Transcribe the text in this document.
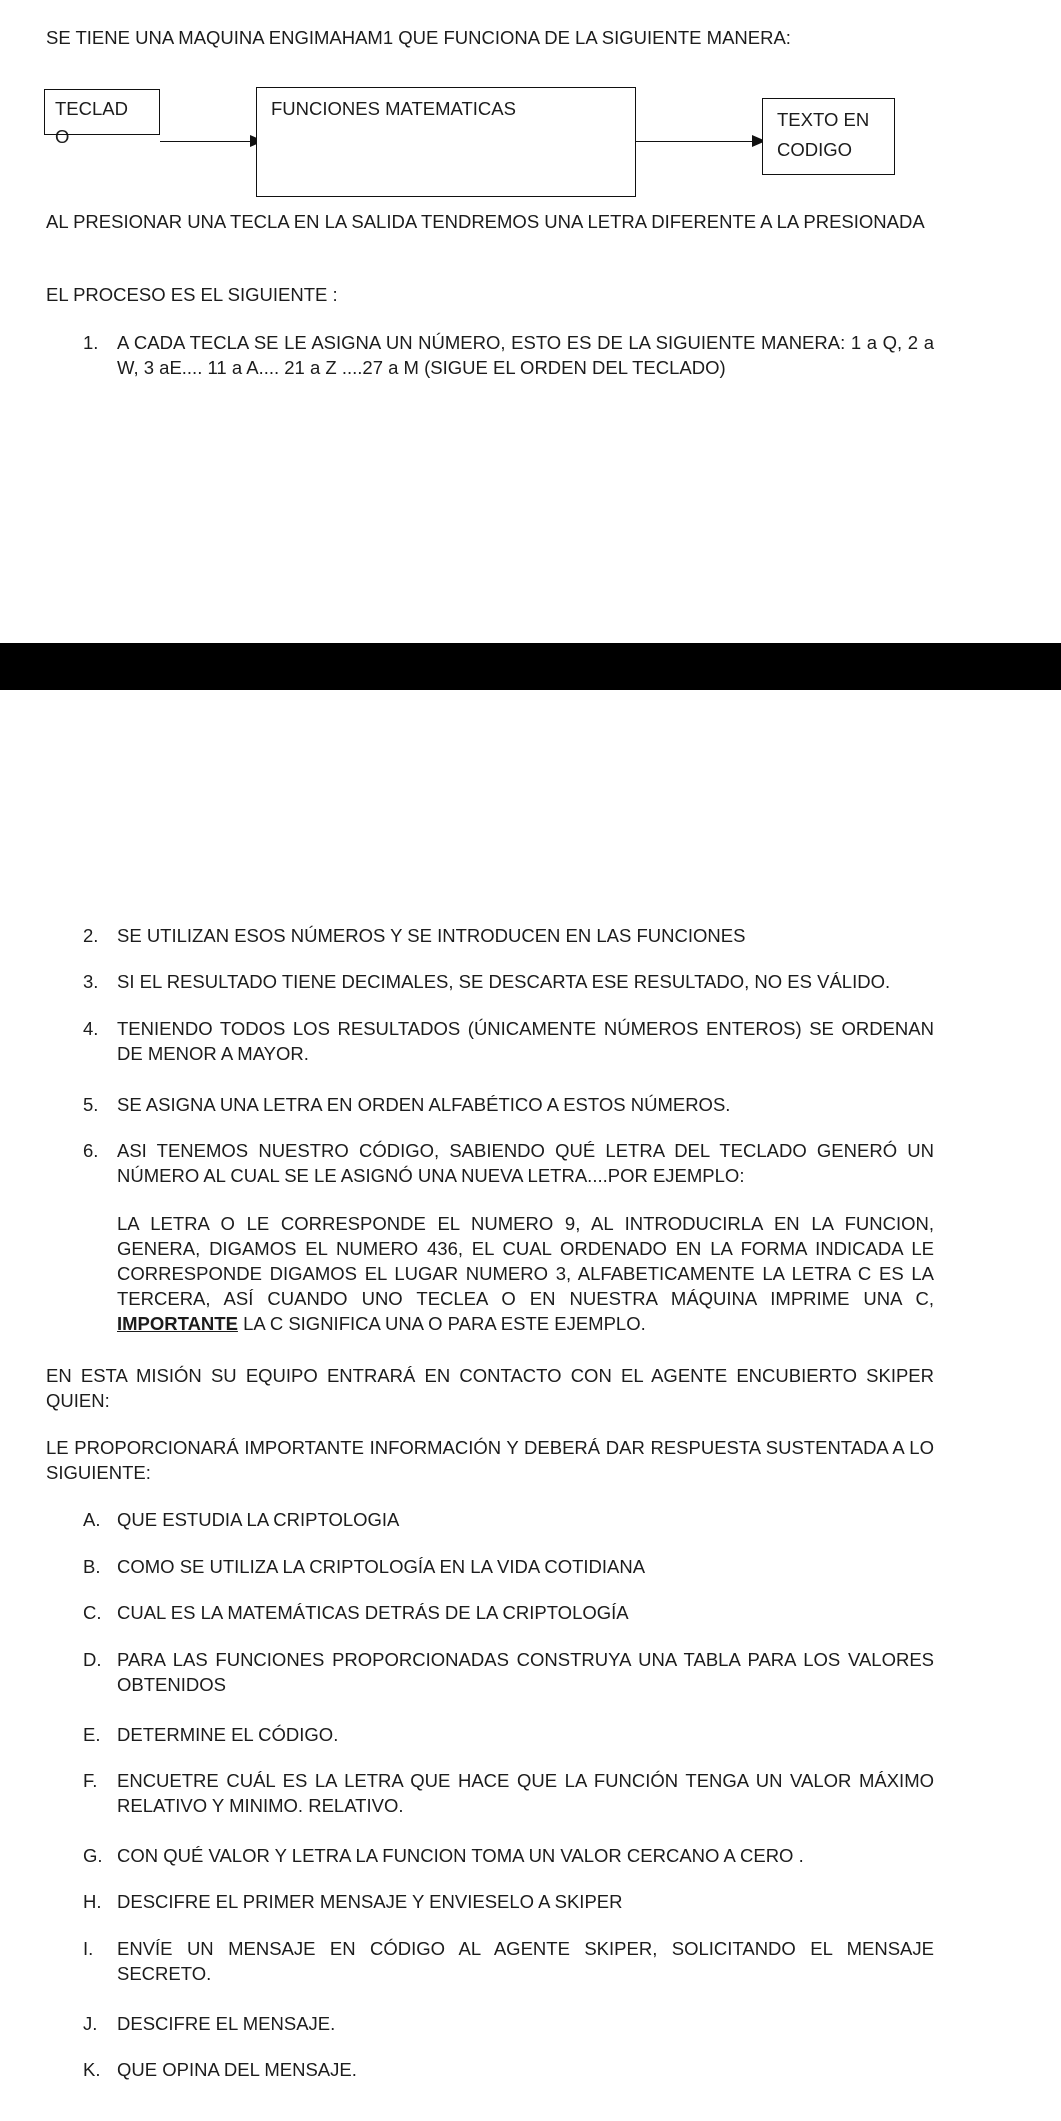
SE TIENE UNA MAQUINA ENGIMAHAM1 QUE FUNCIONA DE LA SIGUIENTE MANERA:
TECLAD
O
FUNCIONES MATEMATICAS
TEXTO EN
CODIGO
AL PRESIONAR UNA TECLA EN LA SALIDA TENDREMOS UNA LETRA DIFERENTE A LA PRESIONADA
EL PROCESO ES EL SIGUIENTE :
1. A CADA TECLA SE LE ASIGNA UN NÚMERO, ESTO ES DE LA SIGUIENTE MANERA: 1 a Q, 2 a W, 3 aE.... 11 a A.... 21 a Z ....27 a M (SIGUE EL ORDEN DEL TECLADO)
2. SE UTILIZAN ESOS NÚMEROS Y SE INTRODUCEN EN LAS FUNCIONES
3. SI EL RESULTADO TIENE DECIMALES, SE DESCARTA ESE RESULTADO, NO ES VÁLIDO.
4. TENIENDO TODOS LOS RESULTADOS (ÚNICAMENTE NÚMEROS ENTEROS) SE ORDENAN DE MENOR A MAYOR.
5. SE ASIGNA UNA LETRA EN ORDEN ALFABÉTICO A ESTOS NÚMEROS.
6. ASI TENEMOS NUESTRO CÓDIGO, SABIENDO QUÉ LETRA DEL TECLADO GENERÓ UN NÚMERO AL CUAL SE LE ASIGNÓ UNA NUEVA LETRA....POR EJEMPLO:
LA LETRA O LE CORRESPONDE EL NUMERO 9, AL INTRODUCIRLA EN LA FUNCION, GENERA, DIGAMOS EL NUMERO 436, EL CUAL ORDENADO EN LA FORMA INDICADA LE CORRESPONDE DIGAMOS EL LUGAR NUMERO 3, ALFABETICAMENTE LA LETRA C ES LA TERCERA, ASÍ CUANDO UNO TECLEA O EN NUESTRA MÁQUINA IMPRIME UNA C, IMPORTANTE LA C SIGNIFICA UNA O PARA ESTE EJEMPLO.
EN ESTA MISIÓN SU EQUIPO ENTRARÁ EN CONTACTO CON EL AGENTE ENCUBIERTO SKIPER QUIEN:
LE PROPORCIONARÁ IMPORTANTE INFORMACIÓN Y DEBERÁ DAR RESPUESTA SUSTENTADA A LO SIGUIENTE:
A. QUE ESTUDIA LA CRIPTOLOGIA
B. COMO SE UTILIZA LA CRIPTOLOGÍA EN LA VIDA COTIDIANA
C. CUAL ES LA MATEMÁTICAS DETRÁS DE LA CRIPTOLOGÍA
D. PARA LAS FUNCIONES PROPORCIONADAS CONSTRUYA UNA TABLA PARA LOS VALORES OBTENIDOS
E. DETERMINE EL CÓDIGO.
F. ENCUETRE CUÁL ES LA LETRA QUE HACE QUE LA FUNCIÓN TENGA UN VALOR MÁXIMO RELATIVO Y MINIMO. RELATIVO.
G. CON QUÉ VALOR Y LETRA LA FUNCION TOMA UN VALOR CERCANO A CERO .
H. DESCIFRE EL PRIMER MENSAJE Y ENVIESELO A SKIPER
I. ENVÍE UN MENSAJE EN CÓDIGO AL AGENTE SKIPER, SOLICITANDO EL MENSAJE SECRETO.
J. DESCIFRE EL MENSAJE.
K. QUE OPINA DEL MENSAJE.
